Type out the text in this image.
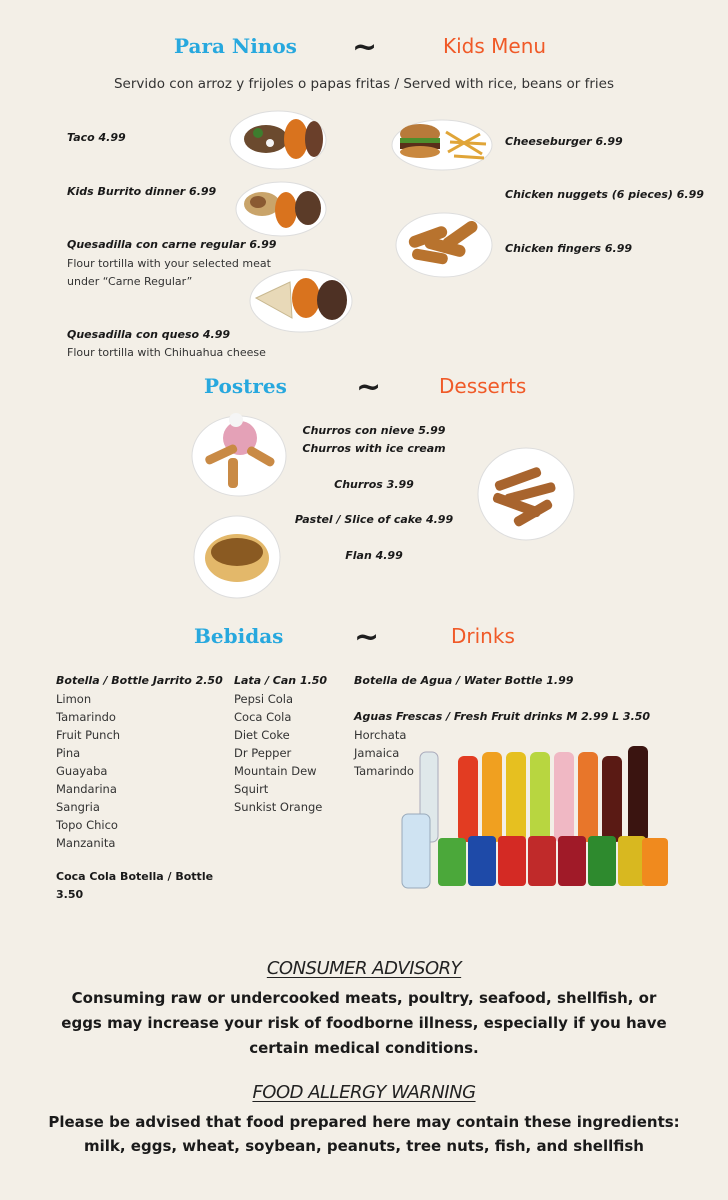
Para Ninos ~	Kids Menu
Servido con arroz y frijoles o papas fritas / Served with rice, beans or fries
Taco 4.99
Kids Burrito dinner 6.99
Quesadilla con carne regular 6.99
Flour tortilla with your selected meat
under “Carne Regular”
Quesadilla con queso 4.99
Flour tortilla with Chihuahua cheese
Cheeseburger 6.99
Chicken nuggets (6 pieces) 6.99
Chicken fingers 6.99
Postres ~	Desserts
Churros con nieve 5.99
Churros with ice cream
Churros 3.99
Pastel / Slice of cake 4.99
Flan 4.99
Bebidas ~	Drinks
Botella / Bottle Jarrito 2.50
Limon
Tamarindo
Fruit Punch
Pina
Guayaba
Mandarina
Sangria
Topo Chico
Manzanita
Coca Cola Botella / Bottle
3.50
Lata / Can 1.50
Pepsi Cola
Coca Cola
Diet Coke
Dr Pepper
Mountain Dew
Squirt
Sunkist Orange
Botella de Agua / Water Bottle 1.99
Aguas Frescas / Fresh Fruit drinks M 2.99 L 3.50
Horchata
Jamaica
Tamarindo
CONSUMER ADVISORY
Consuming raw or undercooked meats, poultry, seafood, shellfish, or
eggs may increase your risk of foodborne illness, especially if you have
certain medical conditions.
FOOD ALLERGY WARNING
Please be advised that food prepared here may contain these ingredients:
milk, eggs, wheat, soybean, peanuts, tree nuts, fish, and shellfish
